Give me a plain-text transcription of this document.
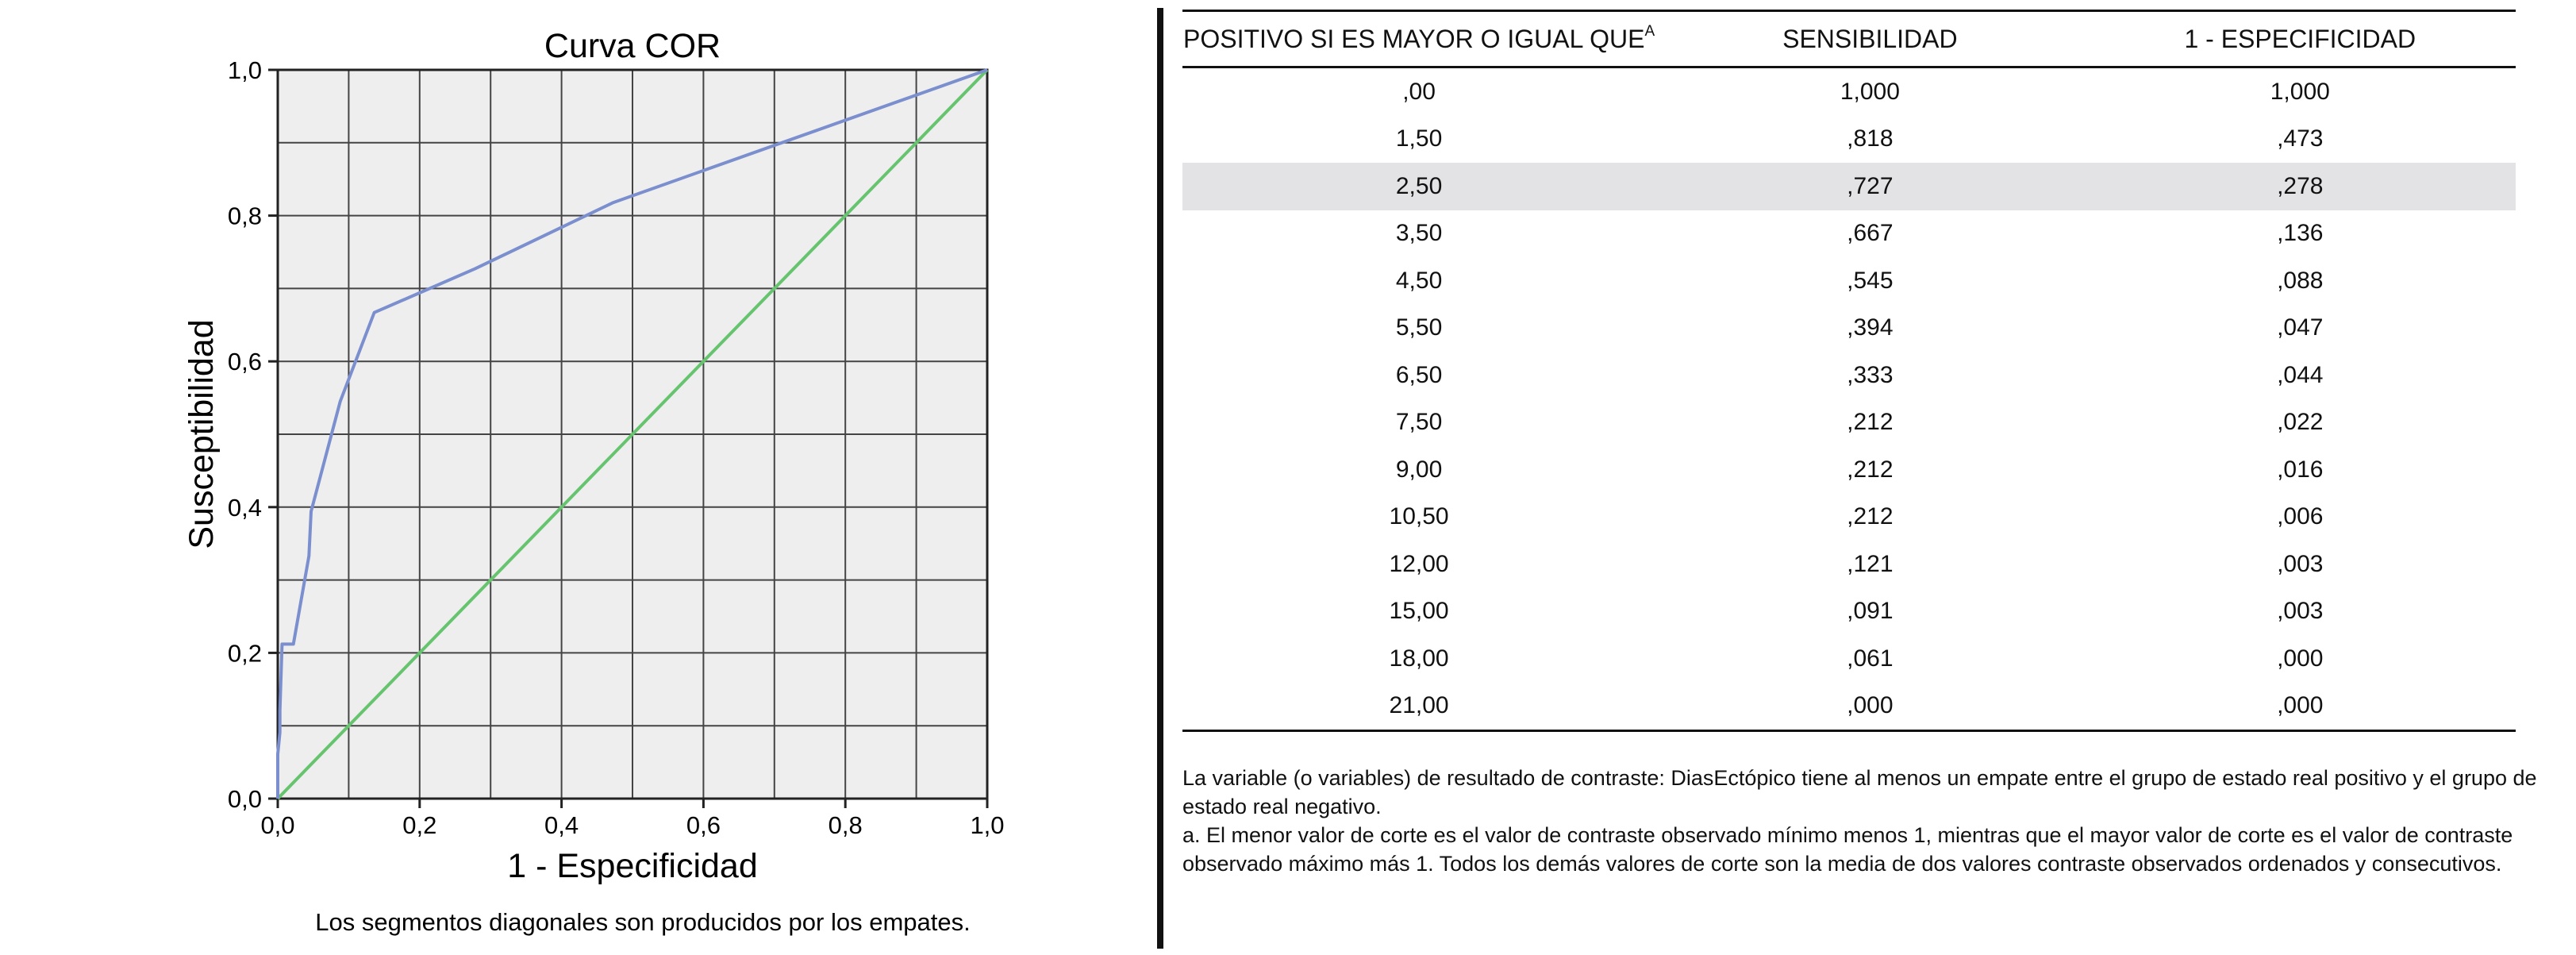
0,0	0,2	0,4	0,6	0,8	1,0
0,0
0,2
0,4
0,6
0,8
1,0
Curva COR
1 - Especificidad
Susceptibilidad
Los segmentos diagonales son producidos por los empates.
POSITIVO SI ES MAYOR O IGUAL $QUE^A$	SENSIBILIDAD	1 - ESPECIFICIDAD
,00	1,000	1,000
1,50	,818	,473
2,50	,727	,278
3,50	,667	,136
4,50	,545	,088
5,50	,394	,047
6,50	,333	,044
7,50	,212	,022
9,00	,212	,016
10,50	,212	,006
12,00	,121	,003
15,00	,091	,003
18,00	,061	,000
21,00	,000	,000

La variable (o variables) de resultado de contraste: DiasEctópico tiene al menos un empate entre el grupo de estado real positivo y el grupo de estado real negativo.

a. El menor valor de corte es el valor de contraste observado mínimo menos 1, mientras que el mayor valor de corte es el valor de contraste observado máximo más 1. Todos los demás valores de corte son la media de dos valores contraste observados ordenados y consecutivos.
